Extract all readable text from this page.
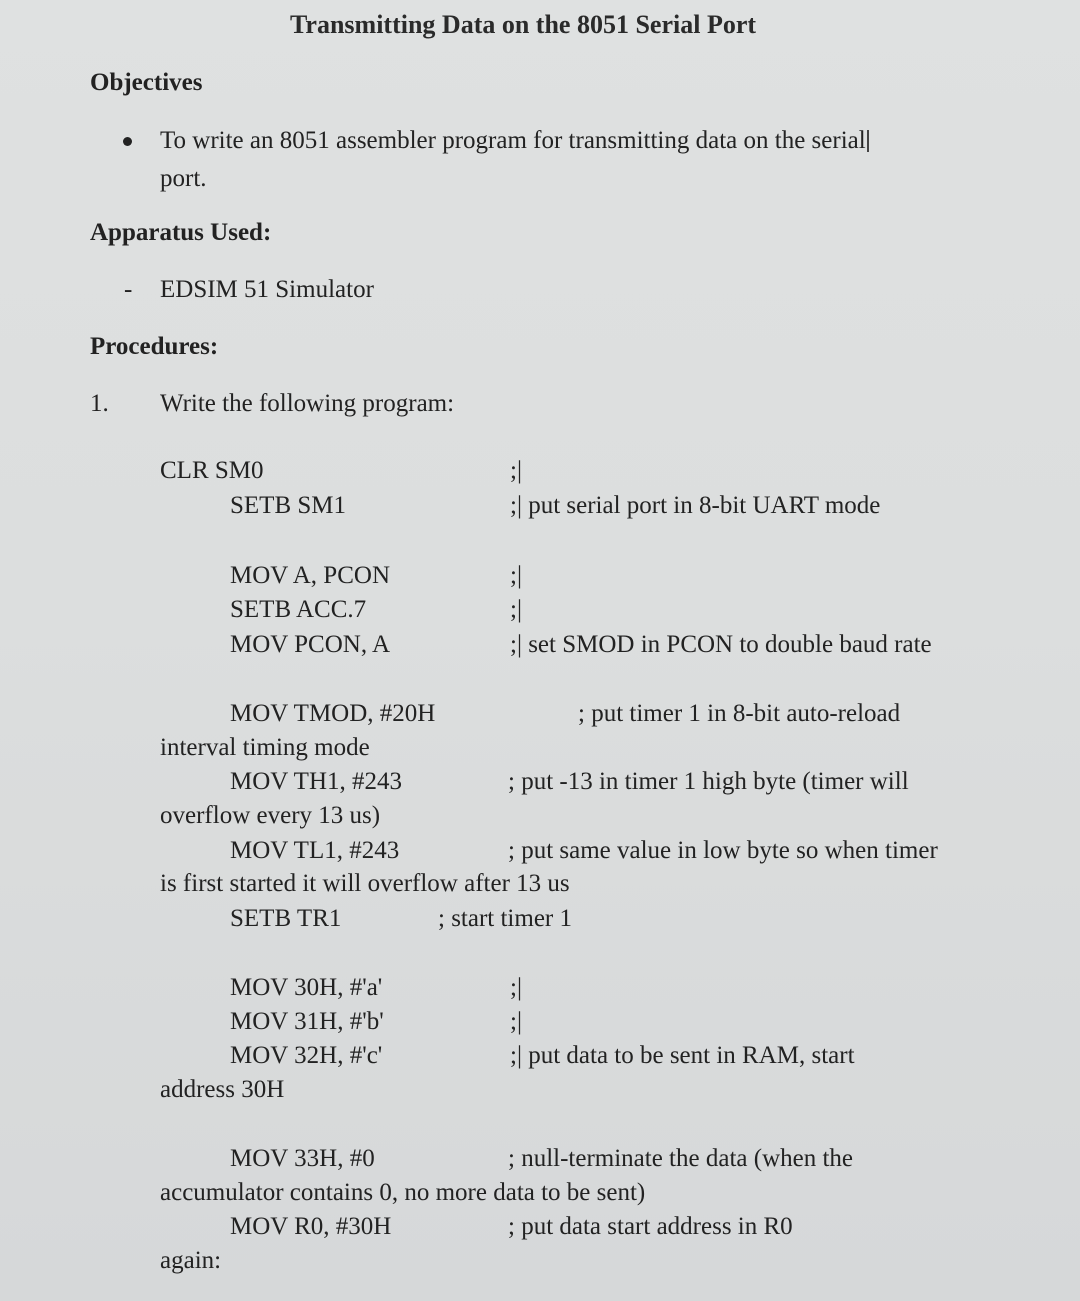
Transmitting Data on the 8051 Serial Port
Objectives
To write an 8051 assembler program for transmitting data on the serial
port.
Apparatus Used:
- EDSIM 51 Simulator
Procedures:
1. Write the following program:
CLR SM0	;|
SETB SM1	;| put serial port in 8-bit UART mode
MOV A, PCON	;|
SETB ACC.7	;|
MOV PCON, A	;| set SMOD in PCON to double baud rate
MOV TMOD, #20H	; put timer 1 in 8-bit auto-reload
interval timing mode
MOV TH1, #243	; put -13 in timer 1 high byte (timer will
overflow every 13 us)
MOV TL1, #243	; put same value in low byte so when timer
is first started it will overflow after 13 us
SETB TR1	; start timer 1
MOV 30H, #'a'	;|
MOV 31H, #'b'	;|
MOV 32H, #'c'	;| put data to be sent in RAM, start
address 30H
MOV 33H, #0	; null-terminate the data (when the
accumulator contains 0, no more data to be sent)
MOV R0, #30H	; put data start address in R0
again:
